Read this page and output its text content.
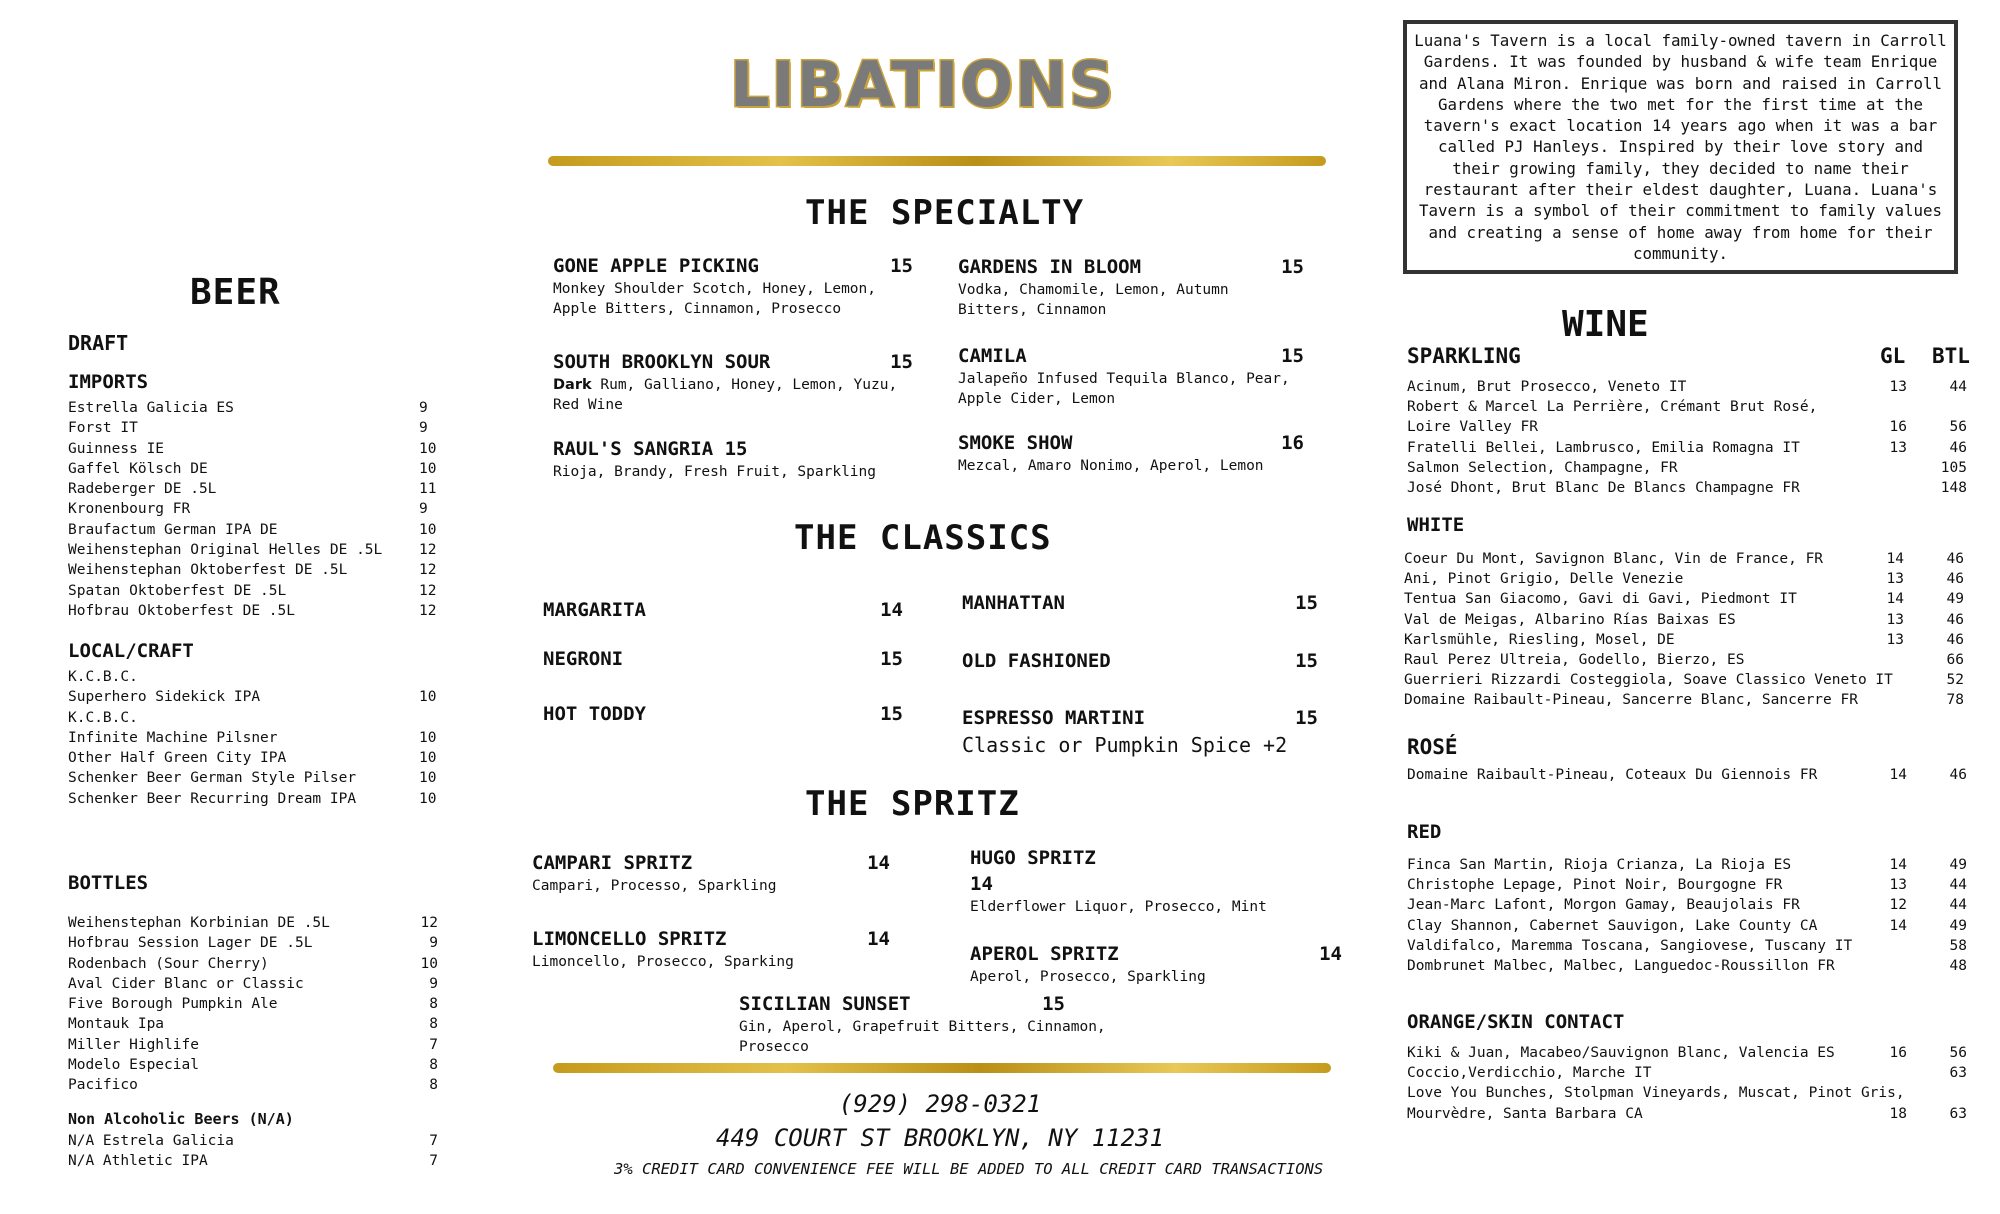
BEER
DRAFT
IMPORTS
Estrella Galicia ES	9
Forst IT	9
Guinness IE	10
Gaffel Kölsch DE	10
Radeberger DE .5L	11
Kronenbourg FR	9
Braufactum German IPA DE	10
Weihenstephan Original Helles DE .5L	12
Weihenstephan Oktoberfest DE .5L	12
Spatan Oktoberfest DE .5L	12
Hofbrau Oktoberfest DE .5L	12
LOCAL/CRAFT
K.C.B.C.
Superhero Sidekick IPA	10
K.C.B.C.
Infinite Machine Pilsner	10
Other Half Green City IPA	10
Schenker Beer German Style Pilser	10
Schenker Beer Recurring Dream IPA	10
BOTTLES
Weihenstephan Korbinian DE .5L	12
Hofbrau Session Lager DE .5L	9
Rodenbach (Sour Cherry)	10
Aval Cider Blanc or Classic	9
Five Borough Pumpkin Ale	8
Montauk Ipa	8
Miller Highlife	7
Modelo Especial	8
Pacifico	8
Non Alcoholic Beers (N/A)
N/A Estrela Galicia	7
N/A Athletic IPA	7
LIBATIONS
THE SPECIALTY
GONE APPLE PICKING	15
Monkey Shoulder Scotch, Honey, Lemon, Apple Bitters, Cinnamon, Prosecco
GARDENS IN BLOOM	15
Vodka, Chamomile, Lemon, Autumn Bitters, Cinnamon
SOUTH BROOKLYN SOUR	15
Dark Rum, Galliano, Honey, Lemon, Yuzu, Red Wine
CAMILA	15
Jalapeño Infused Tequila Blanco, Pear, Apple Cider, Lemon
RAUL'S SANGRIA 15
Rioja, Brandy, Fresh Fruit, Sparkling
SMOKE SHOW	16
Mezcal, Amaro Nonimo, Aperol, Lemon
THE CLASSICS
MARGARITA	14	MANHATTAN	15
NEGRONI	15	OLD FASHIONED	15
HOT TODDY	15	ESPRESSO MARTINI	15
Classic or Pumpkin Spice +2
THE SPRITZ
CAMPARI SPRITZ	14
Campari, Processo, Sparkling
HUGO SPRITZ
14
Elderflower Liquor, Prosecco, Mint
LIMONCELLO SPRITZ	14
Limoncello, Prosecco, Sparking	APEROL SPRITZ	14
Aperol, Prosecco, Sparkling
SICILIAN SUNSET	15
Gin, Aperol, Grapefruit Bitters, Cinnamon, Prosecco
(929) 298-0321
449 COURT ST BROOKLYN, NY 11231
3% CREDIT CARD CONVENIENCE FEE WILL BE ADDED TO ALL CREDIT CARD TRANSACTIONS
Luana's Tavern is a local family-owned tavern in Carroll Gardens. It was founded by husband & wife team Enrique and Alana Miron. Enrique was born and raised in Carroll Gardens where the two met for the first time at the tavern's exact location 14 years ago when it was a bar called PJ Hanleys. Inspired by their love story and their growing family, they decided to name their restaurant after their eldest daughter, Luana. Luana's Tavern is a symbol of their commitment to family values and creating a sense of home away from home for their community.
WINE
SPARKLING	GL BTL
Acinum, Brut Prosecco, Veneto IT	13	44
Robert & Marcel La Perrière, Crémant Brut Rosé,
Loire Valley FR	16	56
Fratelli Bellei, Lambrusco, Emilia Romagna IT	13	46
Salmon Selection, Champagne, FR	105
José Dhont, Brut Blanc De Blancs Champagne FR	148
WHITE
Coeur Du Mont, Savignon Blanc, Vin de France, FR	14	46
Ani, Pinot Grigio, Delle Venezie	13	46
Tentua San Giacomo, Gavi di Gavi, Piedmont IT	14	49
Val de Meigas, Albarino Rías Baixas ES	13	46
Karlsmühle, Riesling, Mosel, DE	13	46
Raul Perez Ultreia, Godello, Bierzo, ES	66
Guerrieri Rizzardi Costeggiola, Soave Classico Veneto IT	52
Domaine Raibault-Pineau, Sancerre Blanc, Sancerre FR	78
ROSÉ
Domaine Raibault-Pineau, Coteaux Du Giennois FR	14	46
RED
Finca San Martin, Rioja Crianza, La Rioja ES	14	49
Christophe Lepage, Pinot Noir, Bourgogne FR	13	44
Jean-Marc Lafont, Morgon Gamay, Beaujolais FR	12	44
Clay Shannon, Cabernet Sauvigon, Lake County CA	14	49
Valdifalco, Maremma Toscana, Sangiovese, Tuscany IT	58
Dombrunet Malbec, Malbec, Languedoc-Roussillon FR	48
ORANGE/SKIN CONTACT
Kiki & Juan, Macabeo/Sauvignon Blanc, Valencia ES	16	56
Coccio,Verdicchio, Marche IT	63
Love You Bunches, Stolpman Vineyards, Muscat, Pinot Gris,
Mourvèdre, Santa Barbara CA	18	63
